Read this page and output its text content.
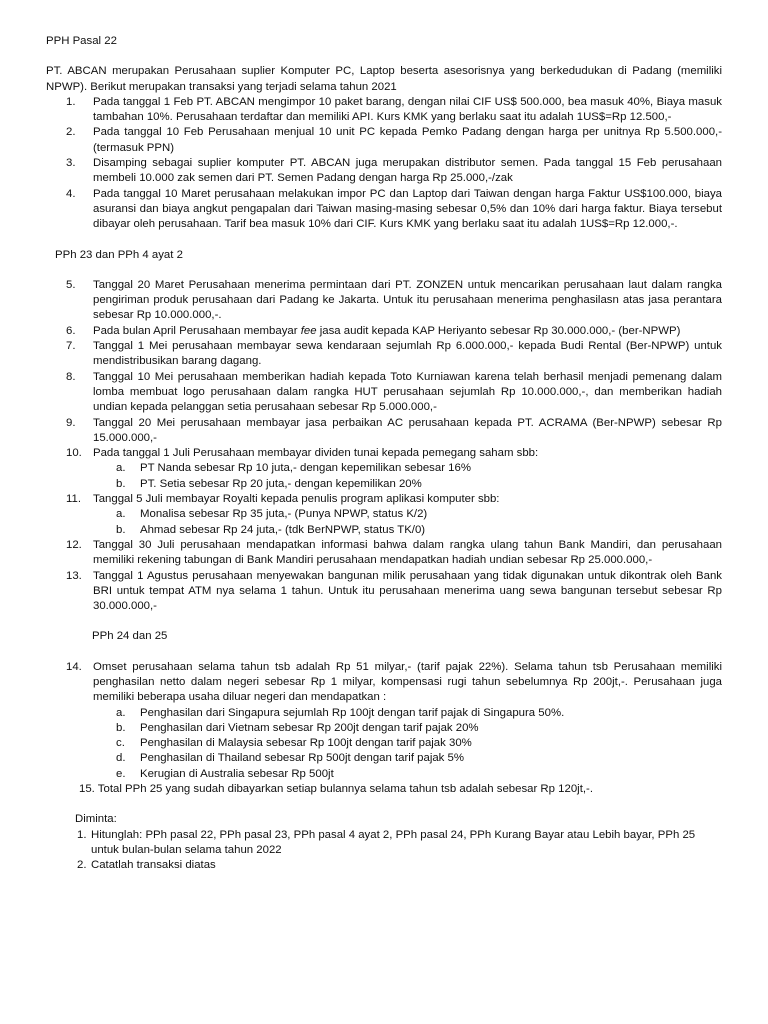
PPH Pasal 22

PT. ABCAN merupakan Perusahaan suplier Komputer PC, Laptop beserta asesorisnya yang berkedudukan di Padang (memiliki NPWP). Berikut merupakan transaksi yang terjadi selama tahun 2021

1. Pada tanggal 1 Feb PT. ABCAN mengimpor 10 paket barang, dengan nilai CIF US$ 500.000, bea masuk 40%, Biaya masuk tambahan 10%. Perusahaan terdaftar dan memiliki API. Kurs KMK yang berlaku saat itu adalah 1US$=Rp 12.500,-
2. Pada tanggal 10 Feb Perusahaan menjual 10 unit PC kepada Pemko Padang dengan harga per unitnya Rp 5.500.000,- (termasuk PPN)
3. Disamping sebagai suplier komputer PT. ABCAN juga merupakan distributor semen. Pada tanggal 15 Feb perusahaan membeli 10.000 zak semen dari PT. Semen Padang dengan harga Rp 25.000,-/zak
4. Pada tanggal 10 Maret perusahaan melakukan impor PC dan Laptop dari Taiwan dengan harga Faktur US$100.000, biaya asuransi dan biaya angkut pengapalan dari Taiwan masing-masing sebesar 0,5% dan 10% dari harga faktur. Biaya tersebut dibayar oleh perusahaan. Tarif bea masuk 10% dari CIF. Kurs KMK yang berlaku saat itu adalah 1US$=Rp 12.000,-.

PPh 23 dan PPh 4 ayat 2

5. Tanggal 20 Maret Perusahaan menerima permintaan dari PT. ZONZEN untuk mencarikan perusahaan laut dalam rangka pengiriman produk perusahaan dari Padang ke Jakarta. Untuk itu perusahaan menerima penghasilasn atas jasa perantara sebesar Rp 10.000.000,-.
6. Pada bulan April Perusahaan membayar fee jasa audit kepada KAP Heriyanto sebesar Rp 30.000.000,- (ber-NPWP)
7. Tanggal 1 Mei perusahaan membayar sewa kendaraan sejumlah Rp 6.000.000,- kepada Budi Rental (Ber-NPWP) untuk mendistribusikan barang dagang.
8. Tanggal 10 Mei perusahaan memberikan hadiah kepada Toto Kurniawan karena telah berhasil menjadi pemenang dalam lomba membuat logo perusahaan dalam rangka HUT perusahaan sejumlah Rp 10.000.000,-, dan memberikan hadiah undian kepada pelanggan setia perusahaan sebesar Rp 5.000.000,-
9. Tanggal 20 Mei perusahaan membayar jasa perbaikan AC perusahaan kepada PT. ACRAMA (Ber-NPWP) sebesar Rp 15.000.000,-
10. Pada tanggal 1 Juli Perusahaan membayar dividen tunai kepada pemegang saham sbb:
a. PT Nanda sebesar Rp 10 juta,- dengan kepemilikan sebesar 16%
b. PT. Setia sebesar Rp 20 juta,- dengan kepemilikan 20%
11. Tanggal 5 Juli membayar Royalti kepada penulis program aplikasi komputer sbb:
a. Monalisa sebesar Rp 35 juta,- (Punya NPWP, status K/2)
b. Ahmad sebesar Rp 24 juta,- (tdk BerNPWP, status TK/0)
12. Tanggal 30 Juli perusahaan mendapatkan informasi bahwa dalam rangka ulang tahun Bank Mandiri, dan perusahaan memiliki rekening tabungan di Bank Mandiri perusahaan mendapatkan hadiah undian sebesar Rp 25.000.000,-
13. Tanggal 1 Agustus perusahaan menyewakan bangunan milik perusahaan yang tidak digunakan untuk dikontrak oleh Bank BRI untuk tempat ATM nya selama 1 tahun. Untuk itu perusahaan menerima uang sewa bangunan tersebut sebesar Rp 30.000.000,-

PPh 24 dan 25

14. Omset perusahaan selama tahun tsb adalah Rp 51 milyar,- (tarif pajak 22%). Selama tahun tsb Perusahaan memiliki penghasilan netto dalam negeri sebesar Rp 1 milyar, kompensasi rugi tahun sebelumnya Rp 200jt,-. Perusahaan juga memiliki beberapa usaha diluar negeri dan mendapatkan :
a. Penghasilan dari Singapura sejumlah Rp 100jt dengan tarif pajak di Singapura 50%.
b. Penghasilan dari Vietnam sebesar Rp 200jt dengan tarif pajak 20%
c. Penghasilan di Malaysia sebesar Rp 100jt dengan tarif pajak 30%
d. Penghasilan di Thailand sebesar Rp 500jt dengan tarif pajak 5%
e. Kerugian di Australia sebesar Rp 500jt

15. Total PPh 25 yang sudah dibayarkan setiap bulannya selama tahun tsb adalah sebesar Rp 120jt,-.

Diminta:

1. Hitunglah: PPh pasal 22, PPh pasal 23, PPh pasal 4 ayat 2, PPh pasal 24, PPh Kurang Bayar atau Lebih bayar, PPh 25 untuk bulan-bulan selama tahun 2022
2. Catatlah transaksi diatas
